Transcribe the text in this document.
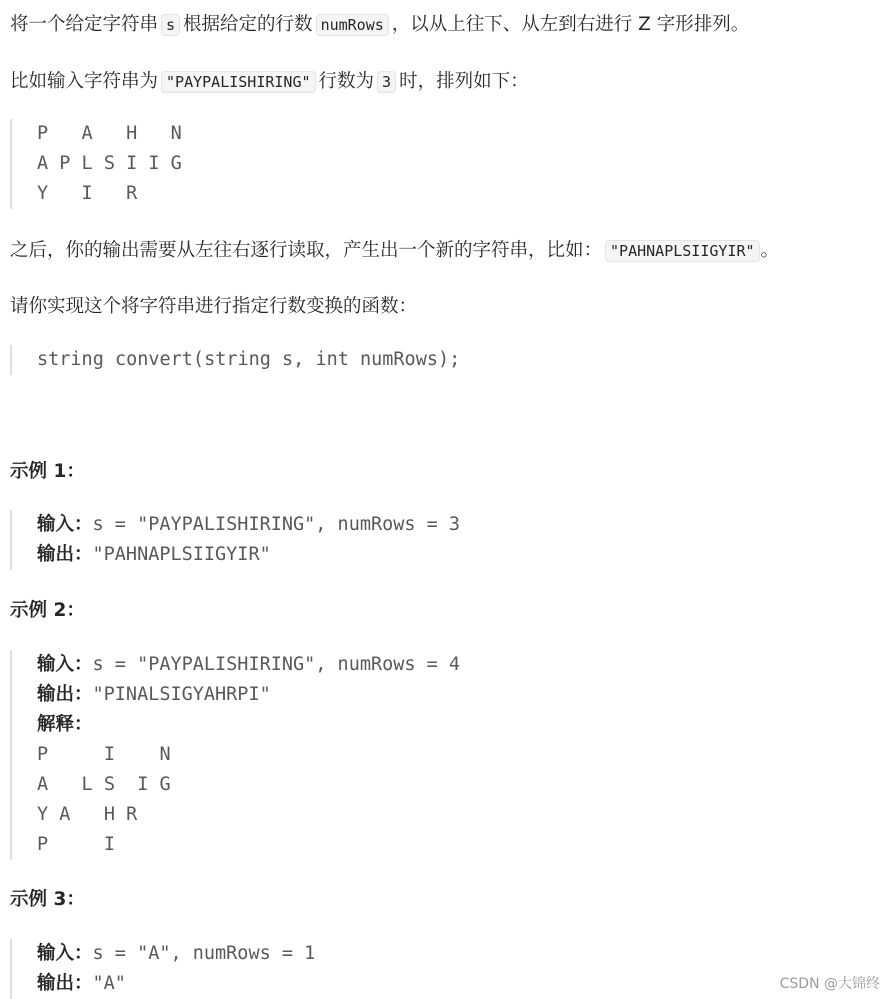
将一个给定字符串 s 根据给定的行数 numRows ，以从上往下、从左到右进行 Z 字形排列。
比如输入字符串为 "PAYPALISHIRING" 行数为 3 时，排列如下：
P   A   H   N
A P L S I I G
Y   I   R
之后，你的输出需要从左往右逐行读取，产生出一个新的字符串，比如： "PAHNAPLSIIGYIR" 。
请你实现这个将字符串进行指定行数变换的函数：
string convert(string s, int numRows);
示例 1：
输入：s = "PAYPALISHIRING", numRows = 3
输出："PAHNAPLSIIGYIR"
示例 2：
输入：s = "PAYPALISHIRING", numRows = 4
输出："PINALSIGYAHRPI"
解释：
P     I    N
A   L S  I G
Y A   H R
P     I
示例 3：
输入：s = "A", numRows = 1
输出："A"	CSDN @大锦终
